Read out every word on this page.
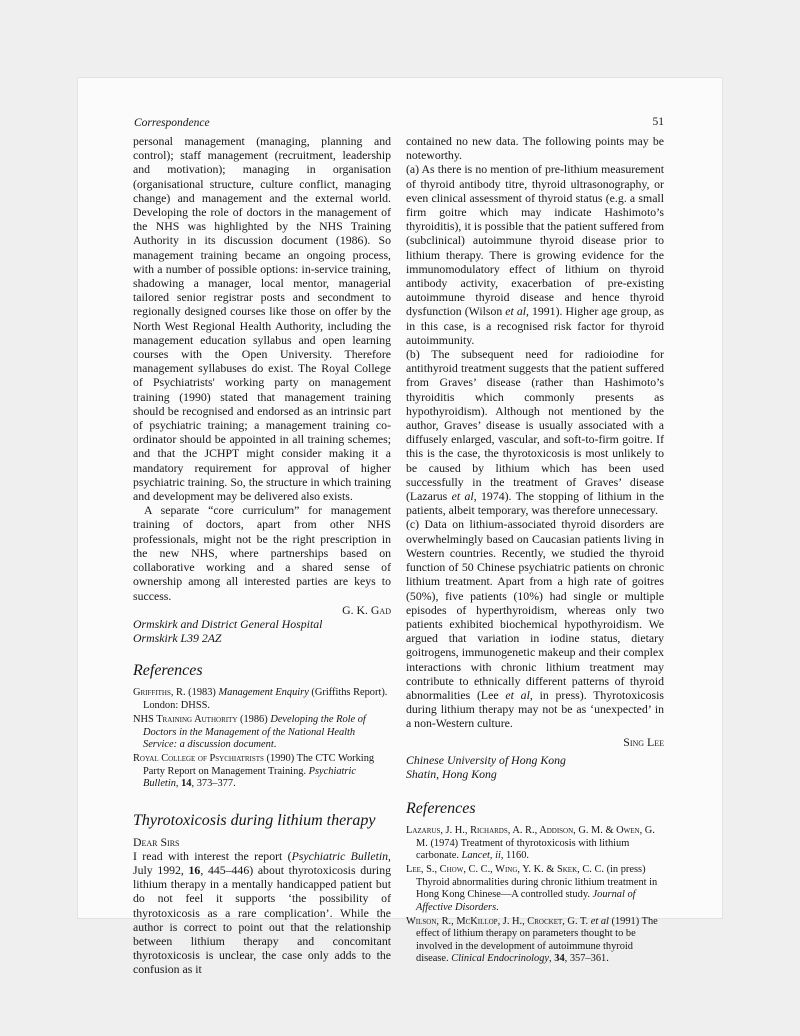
Correspondence	51

personal management (managing, planning and control); staff management (recruitment, leadership and motivation); managing in organisation (organisational structure, culture conflict, managing change) and management and the external world. Developing the role of doctors in the management of the NHS was highlighted by the NHS Training Authority in its discussion document (1986). So management training became an ongoing process, with a number of possible options: in-service training, shadowing a manager, local mentor, managerial tailored senior registrar posts and secondment to regionally designed courses like those on offer by the North West Regional Health Authority, including the management education syllabus and open learning courses with the Open University. Therefore management syllabuses do exist. The Royal College of Psychiatrists' working party on management training (1990) stated that management training should be recognised and endorsed as an intrinsic part of psychiatric training; a management training co-ordinator should be appointed in all training schemes; and that the JCHPT might consider making it a mandatory requirement for approval of higher psychiatric training. So, the structure in which training and development may be delivered also exists.

A separate “core curriculum” for management training of doctors, apart from other NHS professionals, might not be the right prescription in the new NHS, where partnerships based on collaborative working and a shared sense of ownership among all interested parties are keys to success.

G. K. Gad

Ormskirk and District General Hospital

Ormskirk L39 2AZ

References

Griffiths, R. (1983) Management Enquiry (Griffiths Report). London: DHSS.

NHS Training Authority (1986) Developing the Role of Doctors in the Management of the National Health Service: a discussion document.

Royal College of Psychiatrists (1990) The CTC Working Party Report on Management Training. Psychiatric Bulletin, 14, 373–377.

Thyrotoxicosis during lithium therapy

Dear Sirs

I read with interest the report (Psychiatric Bulletin, July 1992, 16, 445–446) about thyrotoxicosis during lithium therapy in a mentally handicapped patient but do not feel it supports ‘the possibility of thyrotoxicosis as a rare complication’. While the author is correct to point out that the relationship between lithium therapy and concomitant thyrotoxicosis is unclear, the case only adds to the confusion as it

contained no new data. The following points may be noteworthy.

(a) As there is no mention of pre-lithium measurement of thyroid antibody titre, thyroid ultrasonography, or even clinical assessment of thyroid status (e.g. a small firm goitre which may indicate Hashimoto’s thyroiditis), it is possible that the patient suffered from (subclinical) autoimmune thyroid disease prior to lithium therapy. There is growing evidence for the immunomodulatory effect of lithium on thyroid antibody activity, exacerbation of pre-existing autoimmune thyroid disease and hence thyroid dysfunction (Wilson et al, 1991). Higher age group, as in this case, is a recognised risk factor for thyroid autoimmunity.

(b) The subsequent need for radioiodine for antithyroid treatment suggests that the patient suffered from Graves’ disease (rather than Hashimoto’s thyroiditis which commonly presents as hypothyroidism). Although not mentioned by the author, Graves’ disease is usually associated with a diffusely enlarged, vascular, and soft-to-firm goitre. If this is the case, the thyrotoxicosis is most unlikely to be caused by lithium which has been used successfully in the treatment of Graves’ disease (Lazarus et al, 1974). The stopping of lithium in the patients, albeit temporary, was therefore unnecessary.

(c) Data on lithium-associated thyroid disorders are overwhelmingly based on Caucasian patients living in Western countries. Recently, we studied the thyroid function of 50 Chinese psychiatric patients on chronic lithium treatment. Apart from a high rate of goitres (50%), five patients (10%) had single or multiple episodes of hyperthyroidism, whereas only two patients exhibited biochemical hypothyroidism. We argued that variation in iodine status, dietary goitrogens, immunogenetic makeup and their complex interactions with chronic lithium treatment may contribute to ethnically different patterns of thyroid abnormalities (Lee et al, in press). Thyrotoxicosis during lithium therapy may not be as ‘unexpected’ in a non-Western culture.

Sing Lee

Chinese University of Hong Kong

Shatin, Hong Kong

References

Lazarus, J. H., Richards, A. R., Addison, G. M. & Owen, G. M. (1974) Treatment of thyrotoxicosis with lithium carbonate. Lancet, ii, 1160.

Lee, S., Chow, C. C., Wing, Y. K. & Skek, C. C. (in press) Thyroid abnormalities during chronic lithium treatment in Hong Kong Chinese—A controlled study. Journal of Affective Disorders.

Wilson, R., McKillop, J. H., Crocket, G. T. et al (1991) The effect of lithium therapy on parameters thought to be involved in the development of autoimmune thyroid disease. Clinical Endocrinology, 34, 357–361.
